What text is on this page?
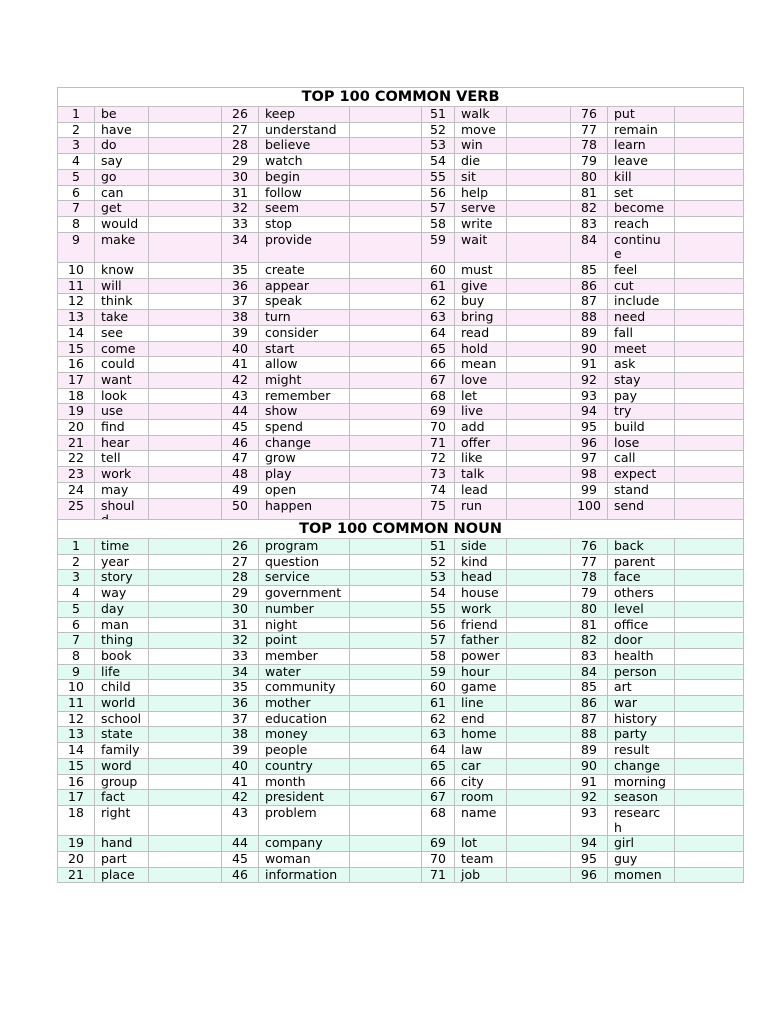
TOP 100 COMMON VERB											
1	be		26	keep		51	walk		76	put	
2	have		27	understand		52	move		77	remain	
3	do		28	believe		53	win		78	learn	
4	say		29	watch		54	die		79	leave	
5	go		30	begin		55	sit		80	kill	
6	can		31	follow		56	help		81	set	
7	get		32	seem		57	serve		82	become	
8	would		33	stop		58	write		83	reach	
9	make		34	provide		59	wait		84	continue	
10	know		35	create		60	must		85	feel	
11	will		36	appear		61	give		86	cut	
12	think		37	speak		62	buy		87	include	
13	take		38	turn		63	bring		88	need	
14	see		39	consider		64	read		89	fall	
15	come		40	start		65	hold		90	meet	
16	could		41	allow		66	mean		91	ask	
17	want		42	might		67	love		92	stay	
18	look		43	remember		68	let		93	pay	
19	use		44	show		69	live		94	try	
20	find		45	spend		70	add		95	build	
21	hear		46	change		71	offer		96	lose	
22	tell		47	grow		72	like		97	call	
23	work		48	play		73	talk		98	expect	
24	may		49	open		74	lead		99	stand	
25	shoul		50	happen		75	run		100	send	
TOP 100 COMMON NOUN											
1	time		26	program		51	side		76	back	
2	year		27	question		52	kind		77	parent	
3	story		28	service		53	head		78	face	
4	way		29	government		54	house		79	others	
5	day		30	number		55	work		80	level	
6	man		31	night		56	friend		81	office	
7	thing		32	point		57	father		82	door	
8	book		33	member		58	power		83	health	
9	life		34	water		59	hour		84	person	
10	child		35	community		60	game		85	art	
11	world		36	mother		61	line		86	war	
12	school		37	education		62	end		87	history	
13	state		38	money		63	home		88	party	
14	family		39	people		64	law		89	result	
15	word		40	country		65	car		90	change	
16	group		41	month		66	city		91	morning	
17	fact		42	president		67	room		92	season	
18	right		43	problem		68	name		93	research	
19	hand		44	company		69	lot		94	girl	
20	part		45	woman		70	team		95	guy	
21	place		46	information		71	job		96	momen	
